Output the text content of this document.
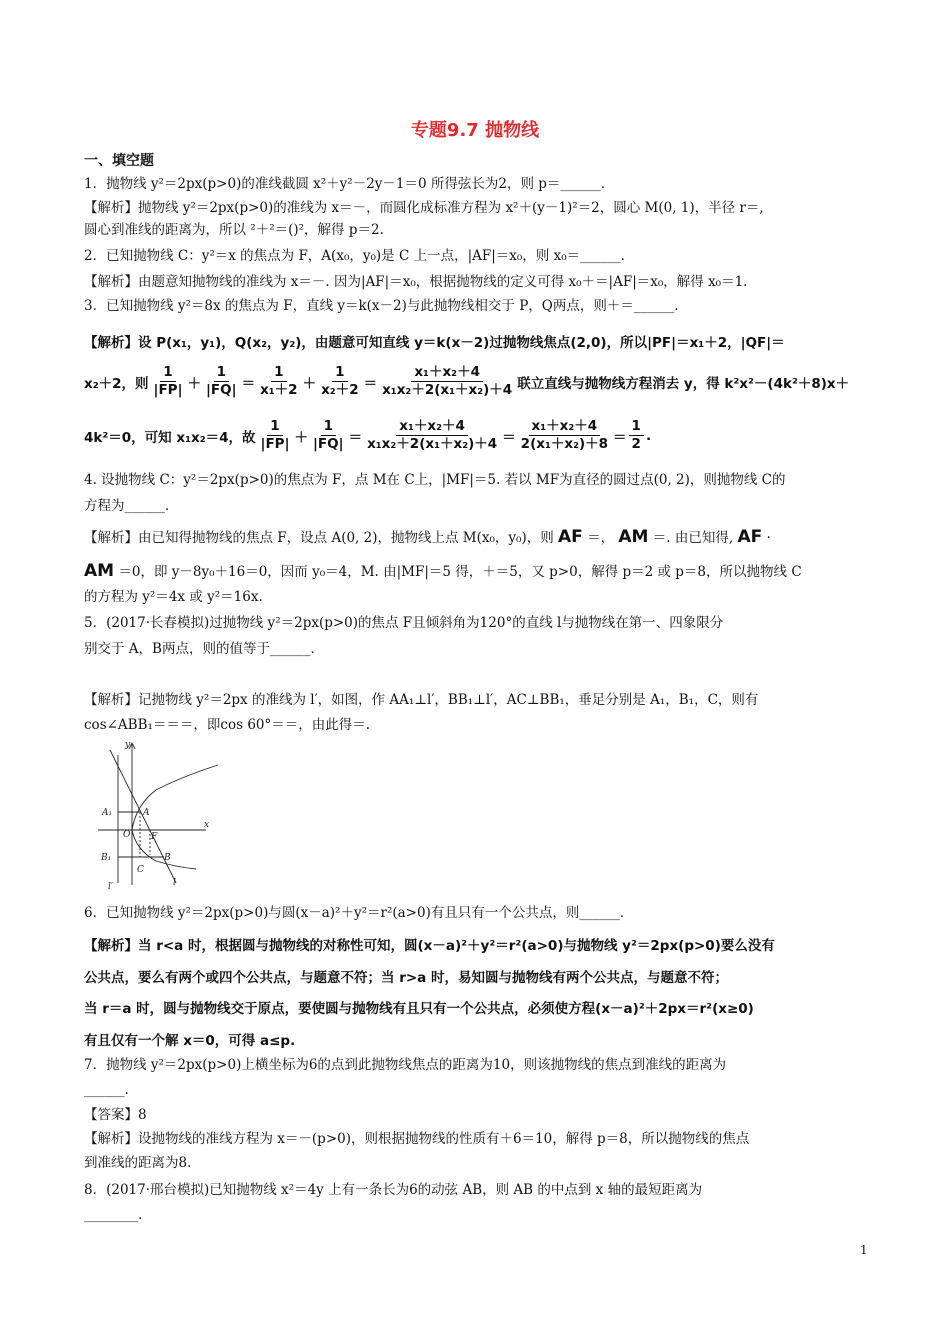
专题9.7 抛物线
一、填空题
1．抛物线 y²＝2px(p>0)的准线截圆 x²＋y²－2y－1＝0 所得弦长为2，则 p＝______．
【解析】抛物线 y²＝2px(p>0)的准线为 x＝－，而圆化成标准方程为 x²＋(y－1)²＝2，圆心 M(0, 1)，半径 r＝,
圆心到准线的距离为，所以 ²＋²＝()²，解得 p＝2.
2．已知抛物线 C：y²＝x 的焦点为 F，A(x₀，y₀)是 C 上一点，|AF|＝x₀，则 x₀＝______．
【解析】由题意知抛物线的准线为 x＝－. 因为|AF|＝x₀，根据抛物线的定义可得 x₀＋＝|AF|＝x₀，解得 x₀＝1.
3．已知抛物线 y²＝8x 的焦点为 F，直线 y＝k(x－2)与此抛物线相交于 P，Q两点，则＋＝______．
【解析】设 P(x₁，y₁)，Q(x₂，y₂)，由题意可知直线 y＝k(x－2)过抛物线焦点(2,0)，所以|PF|＝x₁＋2，|QF|＝
x₂＋2，则 $\frac{1}{|FP|} + \frac{1}{|FQ|} = \frac{1}{\text{x₁＋2}} + \frac{1}{\text{x₂＋2}} = \frac{\text{x₁＋x₂＋4}}{\text{x₁x₂＋2(x₁＋x₂)＋4}}$ 联立直线与抛物线方程消去 y，得 k²x²－(4k²＋8)x＋
4k²＝0，可知 x₁x₂＝4，故 $\frac{1}{|FP|} + \frac{1}{|FQ|} = \frac{\text{x₁＋x₂＋4}}{\text{x₁x₂＋2(x₁＋x₂)＋4}} = \frac{\text{x₁＋x₂＋4}}{\text{2(x₁＋x₂)＋8}} = \frac{1}{2}$ .
4. 设抛物线 C：y²＝2px(p>0)的焦点为 F，点 M在 C上，|MF|＝5. 若以 MF为直径的圆过点(0, 2)，则抛物线 C的
方程为______．
【解析】由已知得抛物线的焦点 F，设点 A(0, 2)，抛物线上点 M(x₀，y₀)，则 AF ＝， AM ＝. 由已知得, AF ·
AM ＝0，即 y－8y₀＋16＝0，因而 y₀＝4，M. 由|MF|＝5 得，＋＝5，又 p>0，解得 p＝2 或 p＝8，所以抛物线 C
的方程为 y²＝4x 或 y²＝16x.
5．(2017·长春模拟)过抛物线 y²＝2px(p>0)的焦点 F且倾斜角为120°的直线 l与抛物线在第一、四象限分
别交于 A，B两点，则的值等于______．
【解析】记抛物线 y²＝2px 的准线为 l′，如图，作 AA₁⊥l′，BB₁⊥l′，AC⊥BB₁，垂足分别是 A₁，B₁，C，则有
cos∠ABB₁＝＝＝，即cos 60°＝＝，由此得＝.
y
x
A₁	A
O F
B₁	B
C
l′	l
6．已知抛物线 y²＝2px(p>0)与圆(x－a)²＋y²＝r²(a>0)有且只有一个公共点，则______．
【解析】当 r<a 时，根据圆与抛物线的对称性可知，圆(x－a)²＋y²＝r²(a>0)与抛物线 y²＝2px(p>0)要么没有
公共点，要么有两个或四个公共点，与题意不符；当 r>a 时，易知圆与抛物线有两个公共点，与题意不符；
当 r＝a 时，圆与抛物线交于原点，要使圆与抛物线有且只有一个公共点，必须使方程(x－a)²＋2px＝r²(x≥0)
有且仅有一个解 x＝0，可得 a≤p.
7．抛物线 y²＝2px(p>0)上横坐标为6的点到此抛物线焦点的距离为10，则该抛物线的焦点到准线的距离为
______.
【答案】8
【解析】设抛物线的准线方程为 x＝－(p>0)，则根据抛物线的性质有＋6＝10，解得 p＝8，所以抛物线的焦点
到准线的距离为8.
8．(2017·邢台模拟)已知抛物线 x²＝4y 上有一条长为6的动弦 AB，则 AB 的中点到 x 轴的最短距离为
________.
1
